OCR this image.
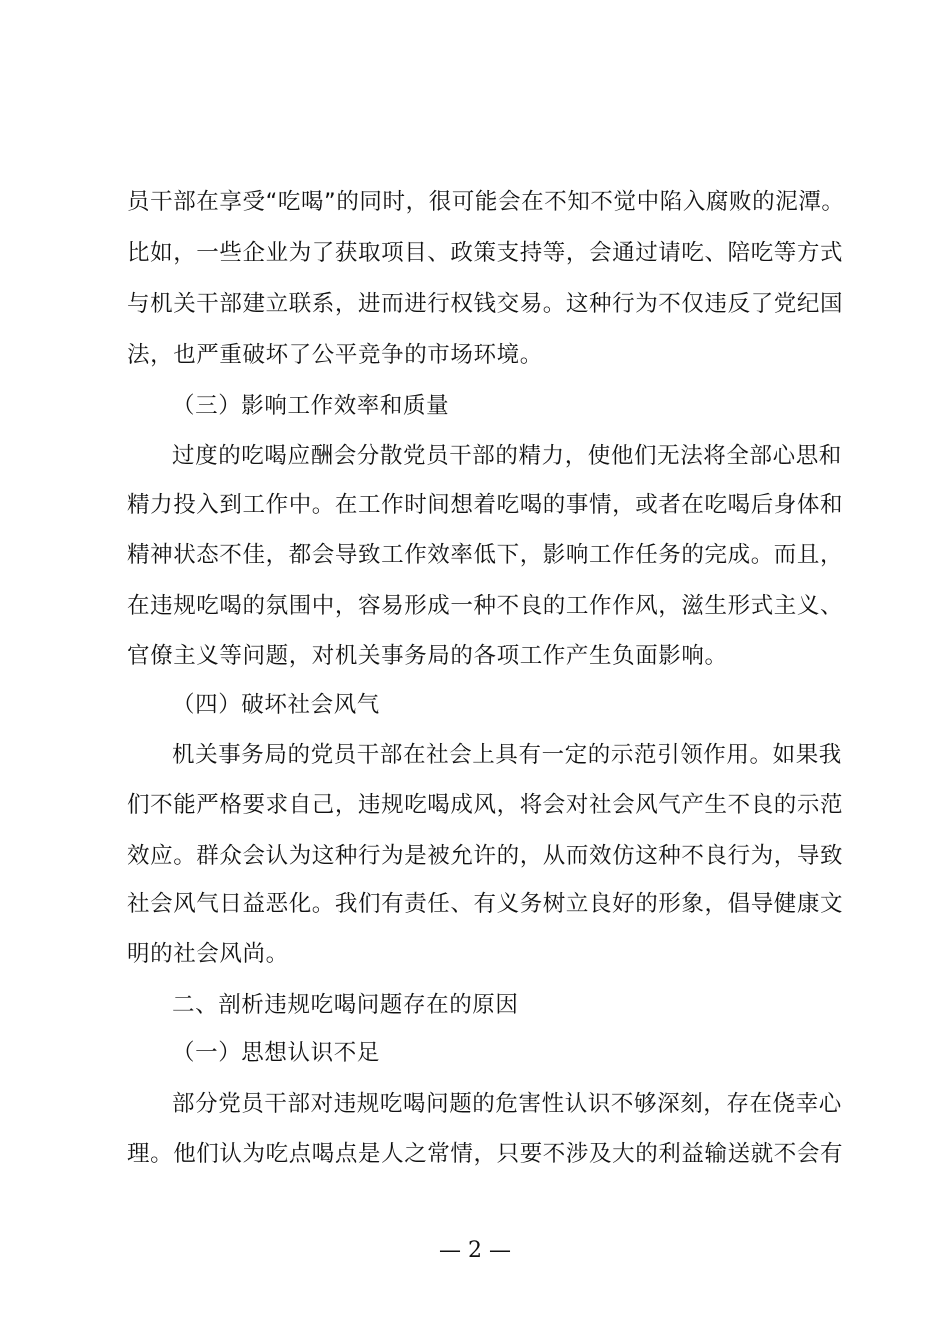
员干部在享受“吃喝”的同时，很可能会在不知不觉中陷入腐败的泥潭。
比如，一些企业为了获取项目、政策支持等，会通过请吃、陪吃等方式
与机关干部建立联系，进而进行权钱交易。这种行为不仅违反了党纪国
法，也严重破坏了公平竞争的市场环境。
（三）影响工作效率和质量
过度的吃喝应酬会分散党员干部的精力，使他们无法将全部心思和
精力投入到工作中。在工作时间想着吃喝的事情，或者在吃喝后身体和
精神状态不佳，都会导致工作效率低下，影响工作任务的完成。而且，
在违规吃喝的氛围中，容易形成一种不良的工作作风，滋生形式主义、
官僚主义等问题，对机关事务局的各项工作产生负面影响。
（四）破坏社会风气
机关事务局的党员干部在社会上具有一定的示范引领作用。如果我
们不能严格要求自己，违规吃喝成风，将会对社会风气产生不良的示范
效应。群众会认为这种行为是被允许的，从而效仿这种不良行为，导致
社会风气日益恶化。我们有责任、有义务树立良好的形象，倡导健康文
明的社会风尚。
二、剖析违规吃喝问题存在的原因
（一）思想认识不足
部分党员干部对违规吃喝问题的危害性认识不够深刻，存在侥幸心
理。他们认为吃点喝点是人之常情，只要不涉及大的利益输送就不会有
— 2 —
